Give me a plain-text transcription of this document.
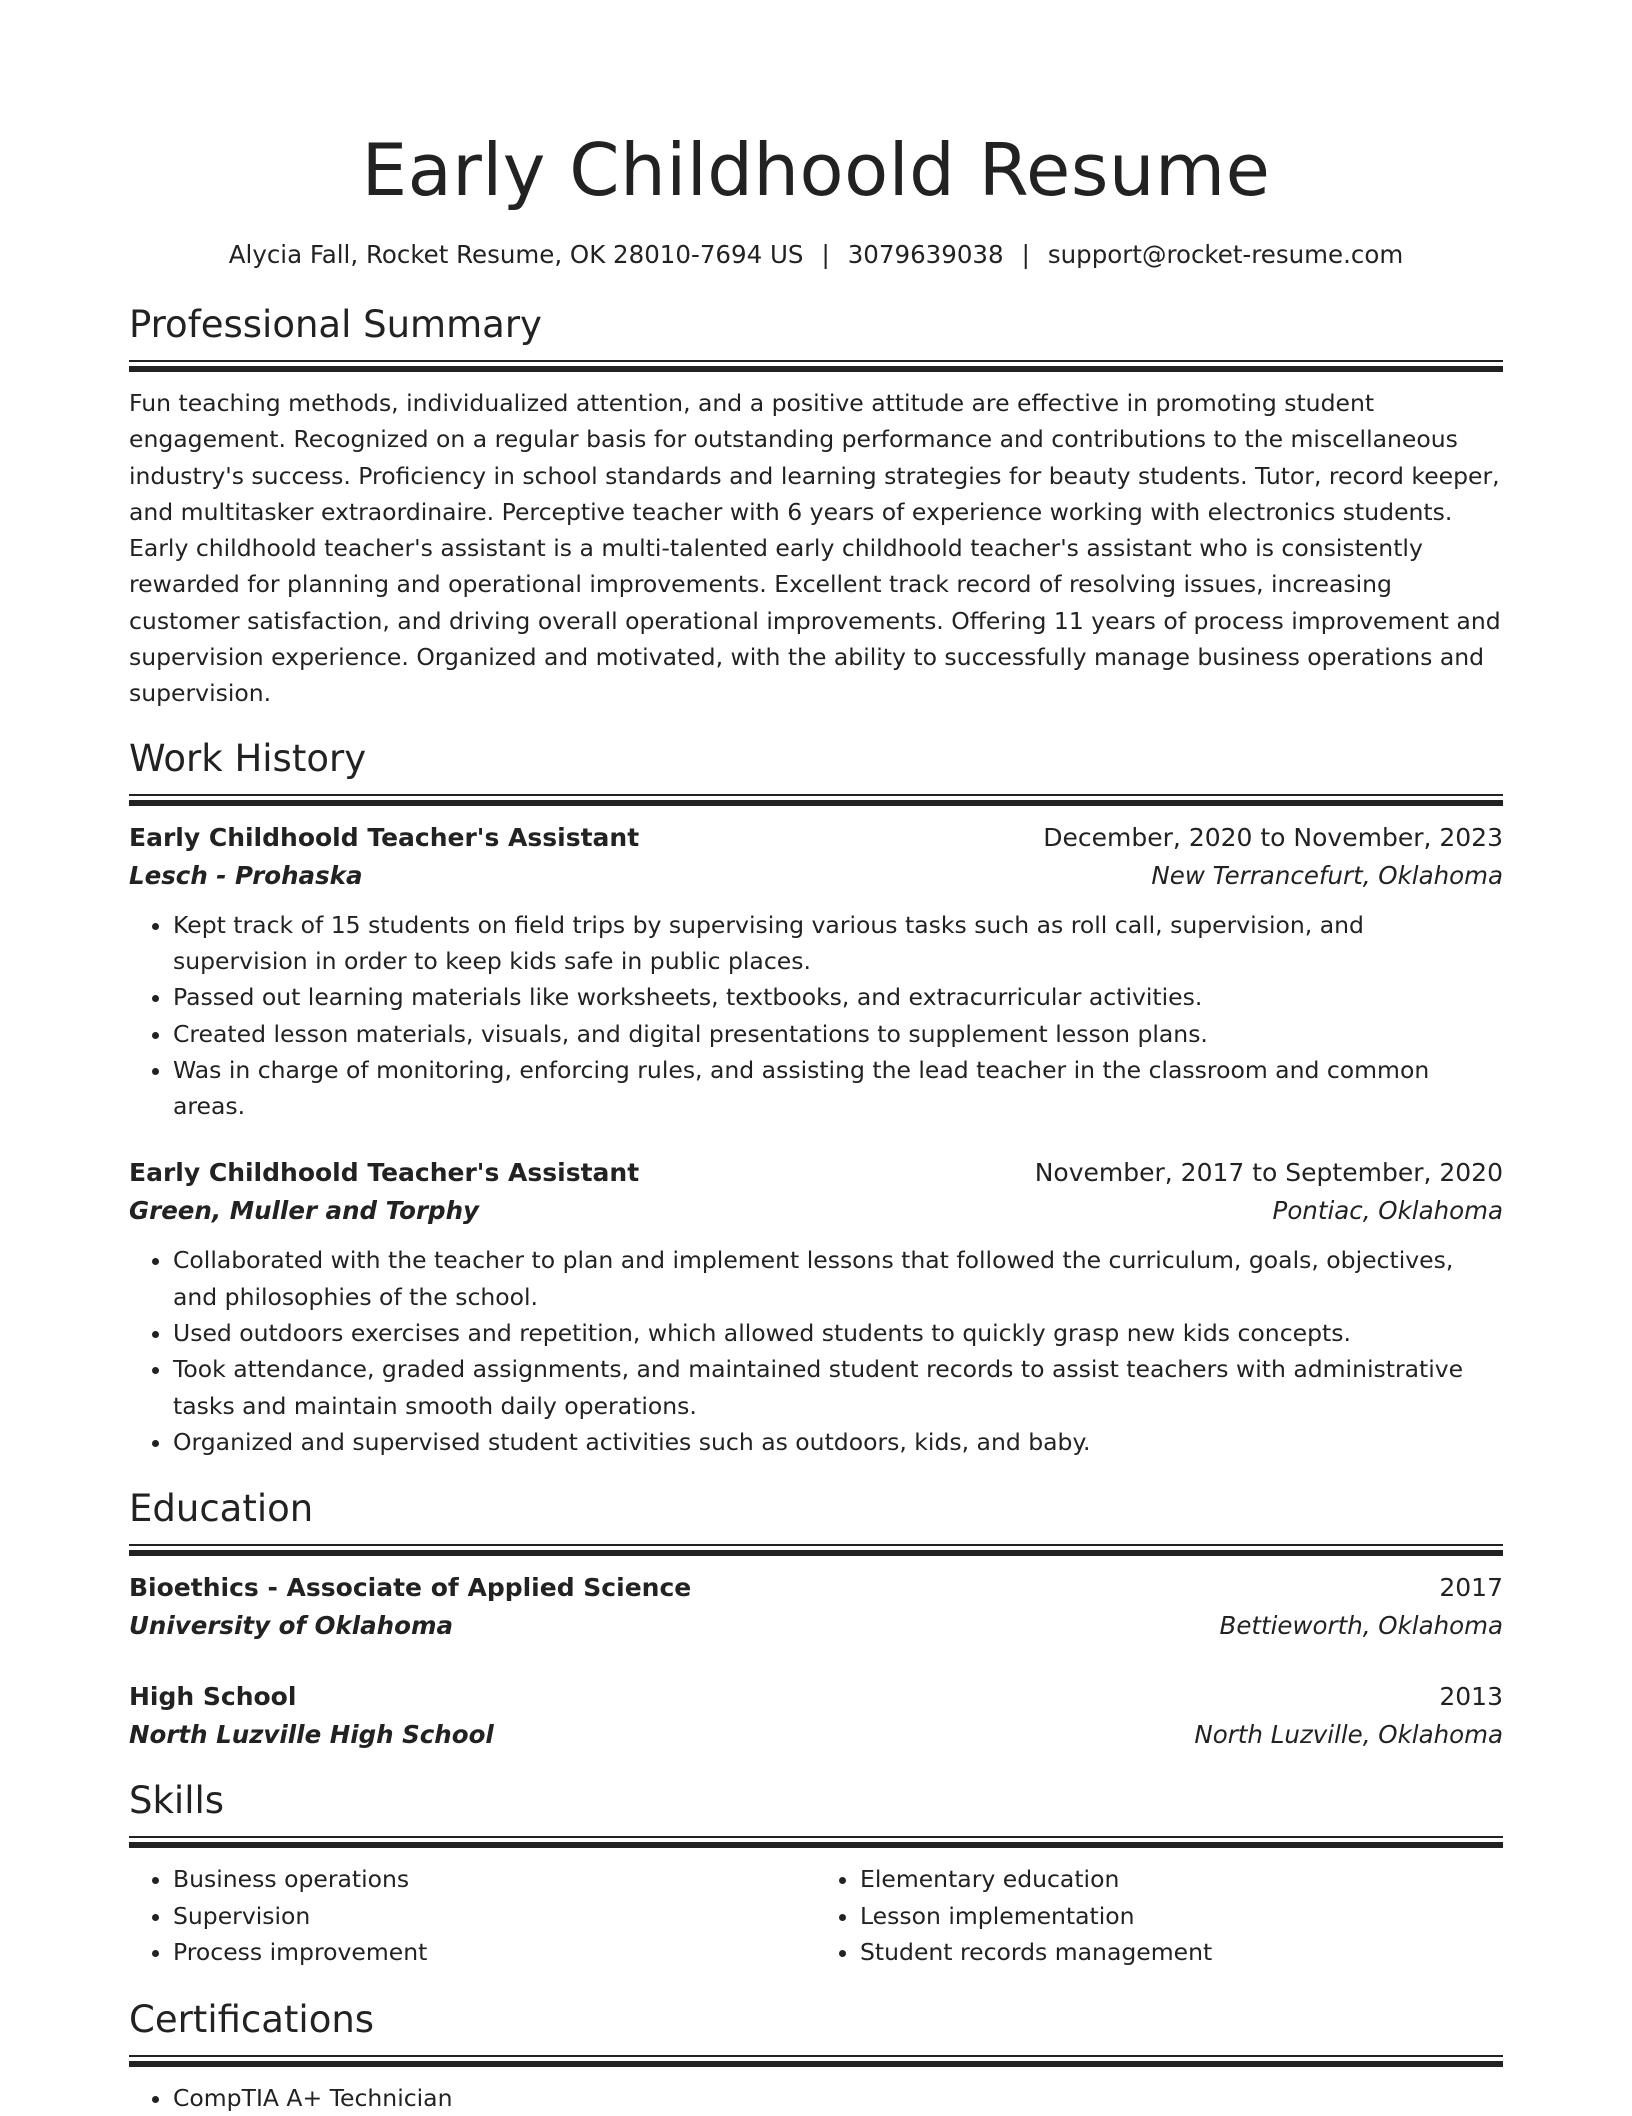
Early Childhoold Resume
Alycia Fall, Rocket Resume, OK 28010-7694 US | 3079639038 | support@rocket-resume.com
Professional Summary
Fun teaching methods, individualized attention, and a positive attitude are effective in promoting student engagement. Recognized on a regular basis for outstanding performance and contributions to the miscellaneous industry's success. Proficiency in school standards and learning strategies for beauty students. Tutor, record keeper, and multitasker extraordinaire. Perceptive teacher with 6 years of experience working with electronics students. Early childhoold teacher's assistant is a multi-talented early childhoold teacher's assistant who is consistently rewarded for planning and operational improvements. Excellent track record of resolving issues, increasing customer satisfaction, and driving overall operational improvements. Offering 11 years of process improvement and supervision experience. Organized and motivated, with the ability to successfully manage business operations and supervision.
Work History
Early Childhoold Teacher's Assistant	December, 2020 to November, 2023
Lesch - Prohaska	New Terrancefurt, Oklahoma
• Kept track of 15 students on field trips by supervising various tasks such as roll call, supervision, and supervision in order to keep kids safe in public places.
• Passed out learning materials like worksheets, textbooks, and extracurricular activities.
• Created lesson materials, visuals, and digital presentations to supplement lesson plans.
• Was in charge of monitoring, enforcing rules, and assisting the lead teacher in the classroom and common areas.
Early Childhoold Teacher's Assistant	November, 2017 to September, 2020
Green, Muller and Torphy	Pontiac, Oklahoma
• Collaborated with the teacher to plan and implement lessons that followed the curriculum, goals, objectives, and philosophies of the school.
• Used outdoors exercises and repetition, which allowed students to quickly grasp new kids concepts.
• Took attendance, graded assignments, and maintained student records to assist teachers with administrative tasks and maintain smooth daily operations.
• Organized and supervised student activities such as outdoors, kids, and baby.
Education
Bioethics - Associate of Applied Science	2017
University of Oklahoma	Bettieworth, Oklahoma
High School	2013
North Luzville High School	North Luzville, Oklahoma
Skills
• Business operations
• Supervision
• Process improvement
• Elementary education
• Lesson implementation
• Student records management
Certifications
• CompTIA A+ Technician
